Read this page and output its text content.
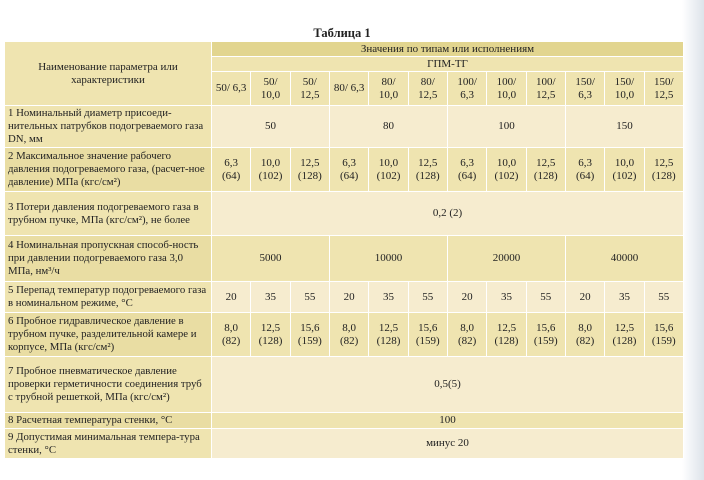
Таблица 1
Наименование параметра или характеристики	Значения по типам или исполнениям											
	ГПМ-ТГ											
	50/ 6,3	50/ 10,0	50/ 12,5	80/ 6,3	80/ 10,0	80/ 12,5	100/ 6,3	100/ 10,0	100/ 12,5	150/ 6,3	150/ 10,0	150/ 12,5
1 Номинальный диаметр присоеди-нительных патрубков подогреваемого газа DN, мм	50			80			100			150		
2 Максимальное значение рабочего давления подогреваемого газа, (расчет-ное давление) МПа (кгс/см²)	6,3 (64)	10,0 (102)	12,5 (128)	6,3 (64)	10,0 (102)	12,5 (128)	6,3 (64)	10,0 (102)	12,5 (128)	6,3 (64)	10,0 (102)	12,5 (128)
3 Потери давления подогреваемого газа в трубном пучке, МПа (кгс/см²), не более	0,2 (2)											
4 Номинальная пропускная способ-ность при давлении подогреваемого газа 3,0 МПа, нм³/ч	5000			10000			20000			40000		
5 Перепад температур подогреваемого газа в номинальном режиме, °С	20	35	55	20	35	55	20	35	55	20	35	55
6 Пробное гидравлическое давление в трубном пучке, разделительной камере и корпусе, МПа (кгс/см²)	8,0 (82)	12,5 (128)	15,6 (159)	8,0 (82)	12,5 (128)	15,6 (159)	8,0 (82)	12,5 (128)	15,6 (159)	8,0 (82)	12,5 (128)	15,6 (159)
7 Пробное пневматическое давление проверки герметичности соединения труб с трубной решеткой, МПа (кгс/см²)	0,5(5)											
8 Расчетная температура стенки, °С	100											
9 Допустимая минимальная темпера-тура стенки, °С	минус 20											
